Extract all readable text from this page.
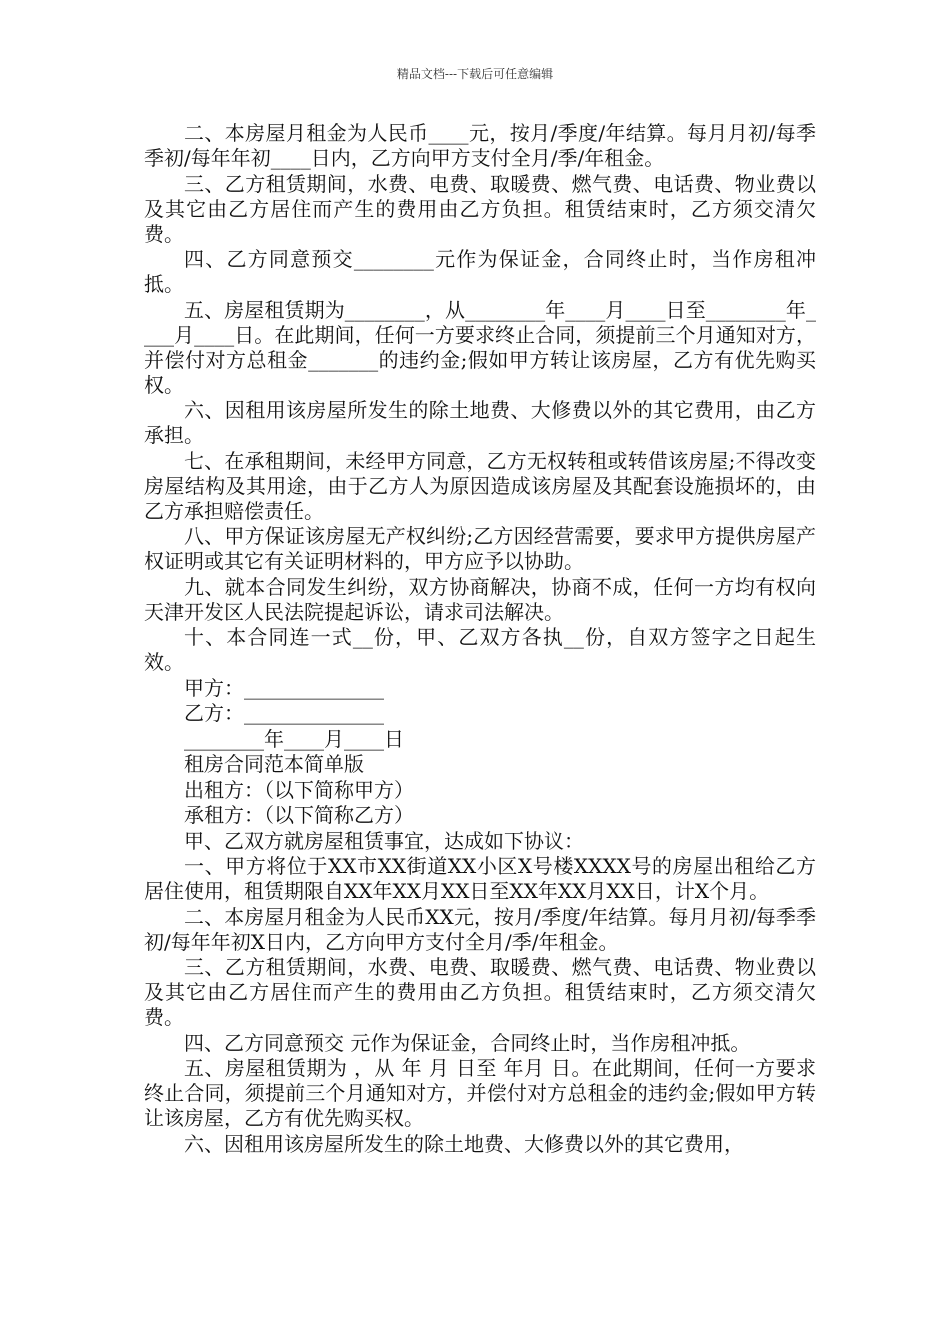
精品文档---下载后可任意编辑
二、本房屋月租金为人民币____元，按月/季度/年结算。每月月初/每季季初/每年年初____日内，乙方向甲方支付全月/季/年租金。
三、乙方租赁期间，水费、电费、取暖费、燃气费、电话费、物业费以及其它由乙方居住而产生的费用由乙方负担。租赁结束时，乙方须交清欠费。
四、乙方同意预交________元作为保证金，合同终止时，当作房租冲抵。
五、房屋租赁期为________，从________年____月____日至________年____月____日。在此期间，任何一方要求终止合同，须提前三个月通知对方，并偿付对方总租金_______的违约金;假如甲方转让该房屋，乙方有优先购买权。
六、因租用该房屋所发生的除土地费、大修费以外的其它费用，由乙方承担。
七、在承租期间，未经甲方同意，乙方无权转租或转借该房屋;不得改变房屋结构及其用途，由于乙方人为原因造成该房屋及其配套设施损坏的，由乙方承担赔偿责任。
八、甲方保证该房屋无产权纠纷;乙方因经营需要，要求甲方提供房屋产权证明或其它有关证明材料的，甲方应予以协助。
九、就本合同发生纠纷，双方协商解决，协商不成，任何一方均有权向天津开发区人民法院提起诉讼，请求司法解决。
十、本合同连一式__份，甲、乙双方各执__份，自双方签字之日起生效。
甲方：______________
乙方：______________
________年____月____日
租房合同范本简单版
出租方：（以下简称甲方）
承租方：（以下简称乙方）
甲、乙双方就房屋租赁事宜，达成如下协议：
一、甲方将位于XX市XX街道XX小区X号楼XXXX号的房屋出租给乙方居住使用，租赁期限自XX年XX月XX日至XX年XX月XX日，计X个月。
二、本房屋月租金为人民币XX元，按月/季度/年结算。每月月初/每季季初/每年年初X日内，乙方向甲方支付全月/季/年租金。
三、乙方租赁期间，水费、电费、取暖费、燃气费、电话费、物业费以及其它由乙方居住而产生的费用由乙方负担。租赁结束时，乙方须交清欠费。
四、乙方同意预交 元作为保证金，合同终止时，当作房租冲抵。
五、房屋租赁期为 ，从 年 月 日至 年月 日。在此期间，任何一方要求终止合同，须提前三个月通知对方，并偿付对方总租金的违约金;假如甲方转让该房屋，乙方有优先购买权。
六、因租用该房屋所发生的除土地费、大修费以外的其它费用，
